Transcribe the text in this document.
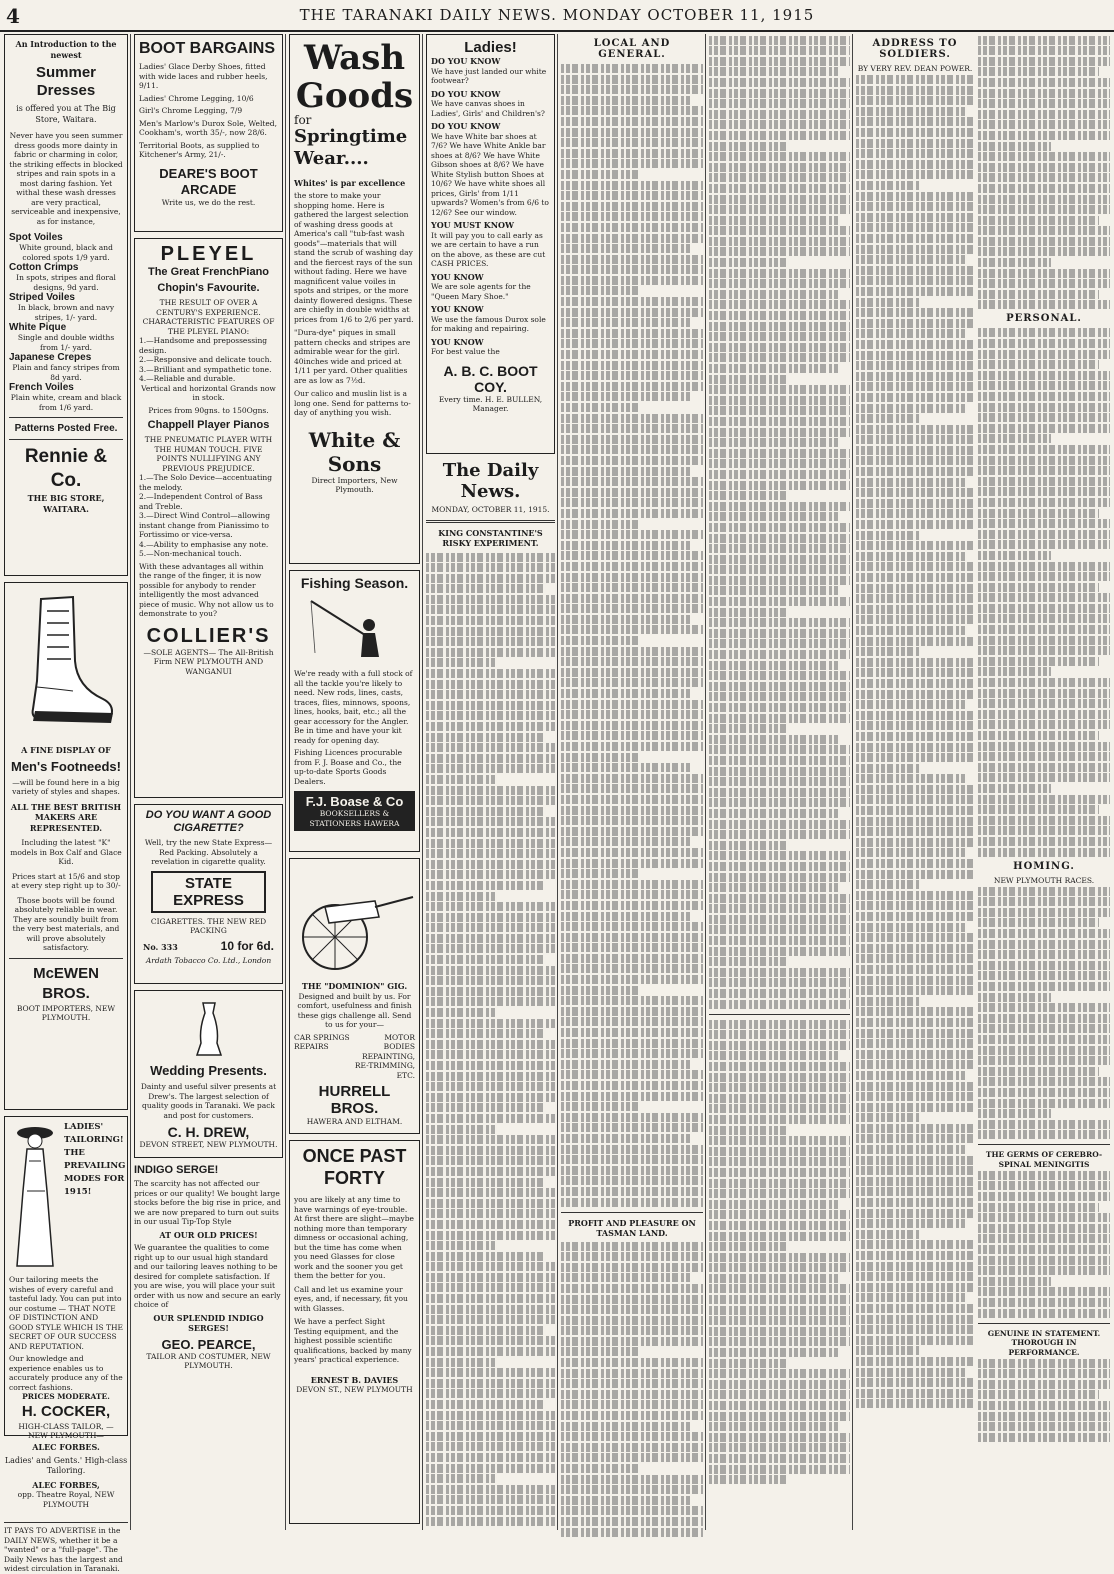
4	THE TARANAKI DAILY NEWS. MONDAY OCTOBER 11, 1915
An Introduction to the newest
Summer Dresses
is offered you at The Big Store, Waitara.
Never have you seen summer dress goods more dainty in fabric or charming in color, the striking effects in blocked stripes and rain spots in a most daring fashion. Yet withal these wash dresses are very practical, serviceable and inexpensive, as for instance,
Spot Voiles
White ground, black and colored spots 1/9 yard.
Cotton Crimps
In spots, stripes and floral designs, 9d yard.
Striped Voiles
In black, brown and navy stripes, 1/- yard.
White Pique
Single and double widths from 1/- yard.
Japanese Crepes
Plain and fancy stripes from 8d yard.
French Voiles
Plain white, cream and black from 1/6 yard.
Patterns Posted Free.
Rennie & Co.
THE BIG STORE, WAITARA.
A FINE DISPLAY OF
Men's Footneeds!
—will be found here in a big variety of styles and shapes.
ALL THE BEST BRITISH MAKERS ARE REPRESENTED.
Including the latest "K" models in Box Calf and Glace Kid.
Prices start at 15/6 and stop at every step right up to 30/-
Those boots will be found absolutely reliable in wear. They are soundly built from the very best materials, and will prove absolutely satisfactory.
McEWEN BROS.
BOOT IMPORTERS, NEW PLYMOUTH.
LADIES' TAILORING! THE PREVAILING MODES FOR 1915!
Our tailoring meets the wishes of every careful and tasteful lady. You can put into our costume — THAT NOTE OF DISTINCTION AND GOOD STYLE WHICH IS THE SECRET OF OUR SUCCESS AND REPUTATION.
Our knowledge and experience enables us to accurately produce any of the correct fashions.
PRICES MODERATE.
H. COCKER,
HIGH-CLASS TAILOR, —NEW PLYMOUTH—
ALEC FORBES.
Ladies' and Gents.' High-class Tailoring.
ALEC FORBES,
opp. Theatre Royal, NEW PLYMOUTH
IT PAYS TO ADVERTISE in the DAILY NEWS, whether it be a "wanted" or a "full-page". The Daily News has the largest and widest circulation in Taranaki.
BOOT BARGAINS
Ladies' Glace Derby Shoes, fitted with wide laces and rubber heels, 9/11.
Ladies' Chrome Legging, 10/6
Girl's Chrome Legging, 7/9
Men's Marlow's Durox Sole, Welted, Cookham's, worth 35/-, now 28/6.
Territorial Boots, as supplied to Kitchener's Army, 21/-.
DEARE'S BOOT ARCADE
Write us, we do the rest.
PLEYEL
The Great FrenchPiano
Chopin's Favourite.
THE RESULT OF OVER A CENTURY'S EXPERIENCE. CHARACTERISTIC FEATURES OF THE PLEYEL PIANO:
1.—Handsome and prepossessing design.
2.—Responsive and delicate touch.
3.—Brilliant and sympathetic tone.
4.—Reliable and durable.
Vertical and horizontal Grands now in stock.
Prices from 90gns. to 150Ogns.
Chappell Player Pianos
THE PNEUMATIC PLAYER WITH THE HUMAN TOUCH. FIVE POINTS NULLIFYING ANY PREVIOUS PREJUDICE.
1.—The Solo Device—accentuating the melody.
2.—Independent Control of Bass and Treble.
3.—Direct Wind Control—allowing instant change from Pianissimo to Fortissimo or vice-versa.
4.—Ability to emphasise any note.
5.—Non-mechanical touch.
With these advantages all within the range of the finger, it is now possible for anybody to render intelligently the most advanced piece of music. Why not allow us to demonstrate to you?
COLLIER'S
—SOLE AGENTS— The All-British Firm NEW PLYMOUTH AND WANGANUI
DO YOU WANT A GOOD CIGARETTE?
Well, try the new State Express—Red Packing. Absolutely a revelation in cigarette quality.
STATE EXPRESS
CIGARETTES. THE NEW RED PACKING
No. 333	10 for 6d.
Ardath Tobacco Co. Ltd., London
Wedding Presents.
Dainty and useful silver presents at Drew's. The largest selection of quality goods in Taranaki. We pack and post for customers.
C. H. DREW,
DEVON STREET, NEW PLYMOUTH.
INDIGO SERGE!
The scarcity has not affected our prices or our quality! We bought large stocks before the big rise in price, and we are now prepared to turn out suits in our usual Tip-Top Style
AT OUR OLD PRICES!
We guarantee the qualities to come right up to our usual high standard and our tailoring leaves nothing to be desired for complete satisfaction. If you are wise, you will place your suit order with us now and secure an early choice of
OUR SPLENDID INDIGO SERGES!
GEO. PEARCE,
TAILOR AND COSTUMER, NEW PLYMOUTH.
Wash Goods
for
Springtime Wear....
Whites' is par excellence
the store to make your shopping home. Here is gathered the largest selection of washing dress goods at America's call "tub-fast wash goods"—materials that will stand the scrub of washing day and the fiercest rays of the sun without fading. Here we have magnificent value voiles in spots and stripes, or the more dainty flowered designs. These are chiefly in double widths at prices from 1/6 to 2/6 per yard.
"Dura-dye" piques in small pattern checks and stripes are admirable wear for the girl. 40inches wide and priced at 1/11 per yard. Other qualities are as low as 7½d.
Our calico and muslin list is a long one. Send for patterns to-day of anything you wish.
White & Sons
Direct Importers, New Plymouth.
Fishing Season.
We're ready with a full stock of all the tackle you're likely to need. New rods, lines, casts, traces, flies, minnows, spoons, lines, hooks, bait, etc.; all the gear accessory for the Angler. Be in time and have your kit ready for opening day.
Fishing Licences procurable from F. J. Boase and Co., the up-to-date Sports Goods Dealers.
F.J. Boase & Co
BOOKSELLERS & STATIONERS HAWERA
THE "DOMINION" GIG.
Designed and built by us. For comfort, usefulness and finish these gigs challenge all. Send to us for your—
CAR SPRINGS REPAIRS
MOTOR BODIES REPAINTING, RE-TRIMMING, ETC.
HURRELL BROS.
HAWERA AND ELTHAM.
ONCE PAST FORTY
you are likely at any time to have warnings of eye-trouble. At first there are slight—maybe nothing more than temporary dimness or occasional aching, but the time has come when you need Glasses for close work and the sooner you get them the better for you.
Call and let us examine your eyes, and, if necessary, fit you with Glasses.
We have a perfect Sight Testing equipment, and the highest possible scientific qualifications, backed by many years' practical experience.
ERNEST B. DAVIES
DEVON ST., NEW PLYMOUTH
Ladies!
DO YOU KNOW
We have just landed our white footwear?
DO YOU KNOW
We have canvas shoes in Ladies', Girls' and Children's?
DO YOU KNOW
We have White bar shoes at 7/6? We have White Ankle bar shoes at 8/6? We have White Gibson shoes at 8/6? We have White Stylish button Shoes at 10/6? We have white shoes all prices, Girls' from 1/11 upwards? Women's from 6/6 to 12/6? See our window.
YOU MUST KNOW
It will pay you to call early as we are certain to have a run on the above, as these are cut CASH PRICES.
YOU KNOW
We are sole agents for the "Queen Mary Shoe."
YOU KNOW
We use the famous Durox sole for making and repairing.
YOU KNOW
For best value the
A. B. C. BOOT COY.
Every time. H. E. BULLEN, Manager.
The Daily News.
MONDAY, OCTOBER 11, 1915.
KING CONSTANTINE'S RISKY EXPERIMENT.
LOCAL AND GENERAL.
PROFIT AND PLEASURE ON TASMAN LAND.
ADDRESS TO SOLDIERS.
BY VERY REV. DEAN POWER.
PERSONAL.
HOMING.
NEW PLYMOUTH RACES.
THE GERMS OF CEREBRO-SPINAL MENINGITIS
GENUINE IN STATEMENT. THOROUGH IN PERFORMANCE.
